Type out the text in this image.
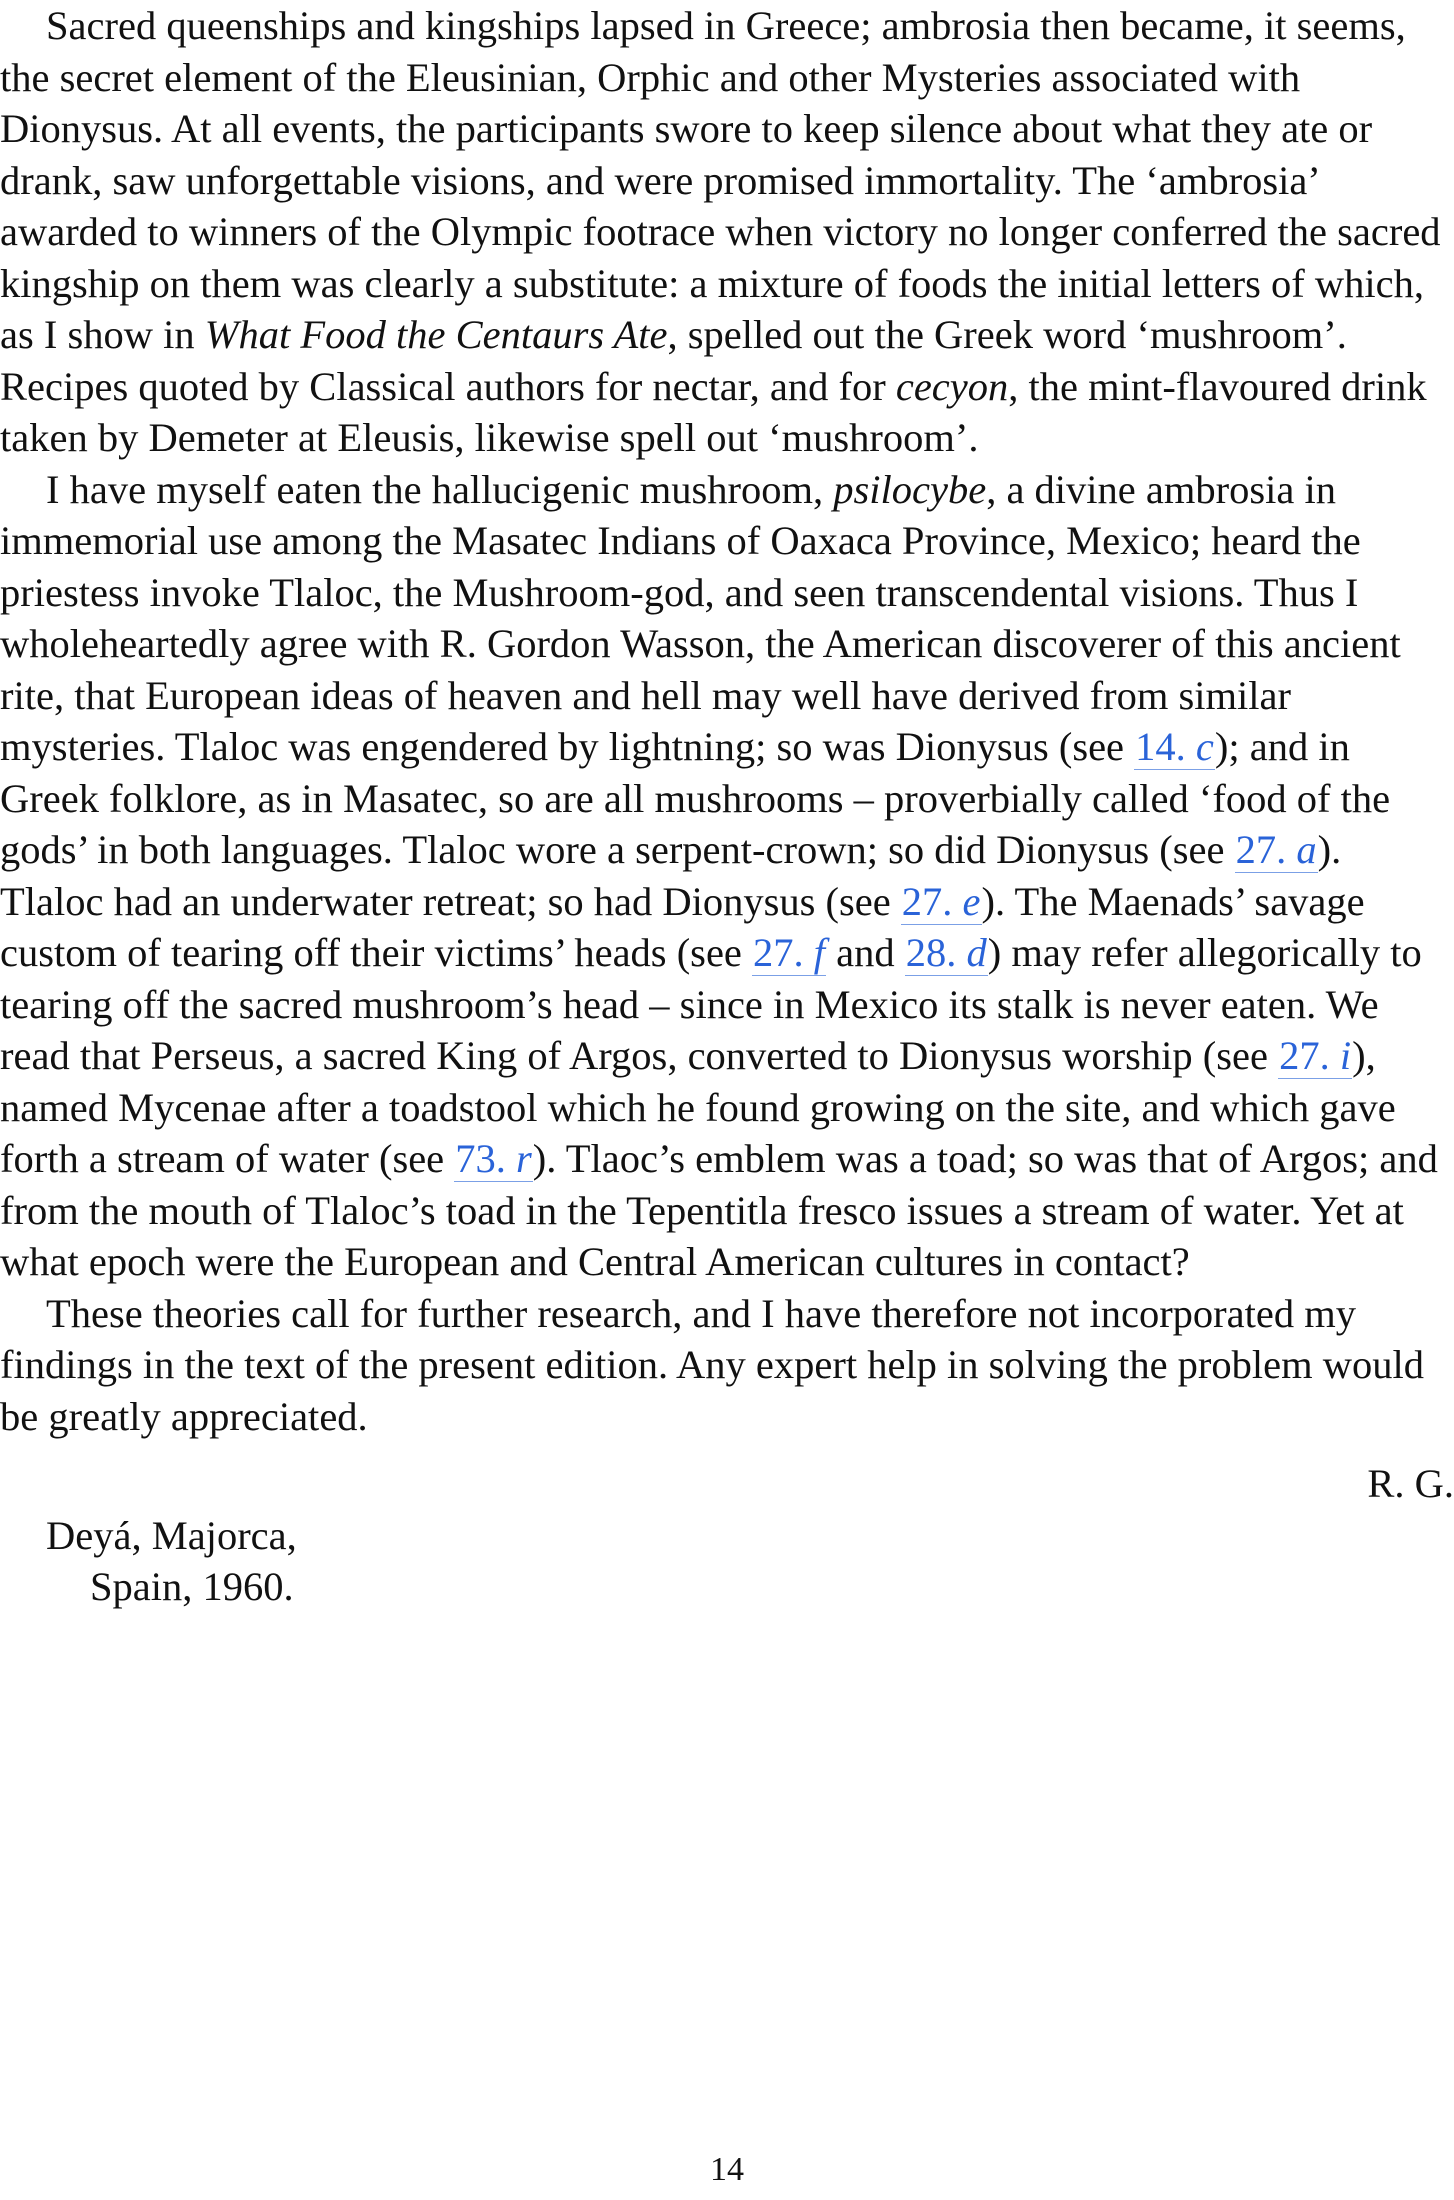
Sacred queenships and kingships lapsed in Greece; ambrosia then became, it seems, the secret element of the Eleusinian, Orphic and other Mysteries associated with Dionysus. At all events, the participants swore to keep silence about what they ate or drank, saw unforgettable visions, and were promised immortality. The ‘ambrosia’ awarded to winners of the Olympic footrace when victory no longer conferred the sacred kingship on them was clearly a substitute: a mixture of foods the initial letters of which, as I show in What Food the Centaurs Ate, spelled out the Greek word ‘mushroom’. Recipes quoted by Classical authors for nectar, and for cecyon, the mint-flavoured drink taken by Demeter at Eleusis, likewise spell out ‘mushroom’.

I have myself eaten the hallucigenic mushroom, psilocybe, a divine ambrosia in immemorial use among the Masatec Indians of Oaxaca Province, Mexico; heard the priestess invoke Tlaloc, the Mushroom-god, and seen transcendental visions. Thus I wholeheartedly agree with R. Gordon Wasson, the American discoverer of this ancient rite, that European ideas of heaven and hell may well have derived from similar mysteries. Tlaloc was engendered by lightning; so was Dionysus (see 14. c); and in Greek folklore, as in Masatec, so are all mushrooms – proverbially called ‘food of the gods’ in both languages. Tlaloc wore a serpent-crown; so did Dionysus (see 27. a). Tlaloc had an underwater retreat; so had Dionysus (see 27. e). The Maenads’ savage custom of tearing off their victims’ heads (see 27. f and 28. d) may refer allegorically to tearing off the sacred mushroom’s head – since in Mexico its stalk is never eaten. We read that Perseus, a sacred King of Argos, converted to Dionysus worship (see 27. i), named Mycenae after a toadstool which he found growing on the site, and which gave forth a stream of water (see 73. r). Tlaoc’s emblem was a toad; so was that of Argos; and from the mouth of Tlaloc’s toad in the Tepentitla fresco issues a stream of water. Yet at what epoch were the European and Central American cultures in contact?

These theories call for further research, and I have therefore not incorporated my findings in the text of the present edition. Any expert help in solving the problem would be greatly appreciated.

R. G.
Deyá, Majorca,
Spain, 1960.
14
